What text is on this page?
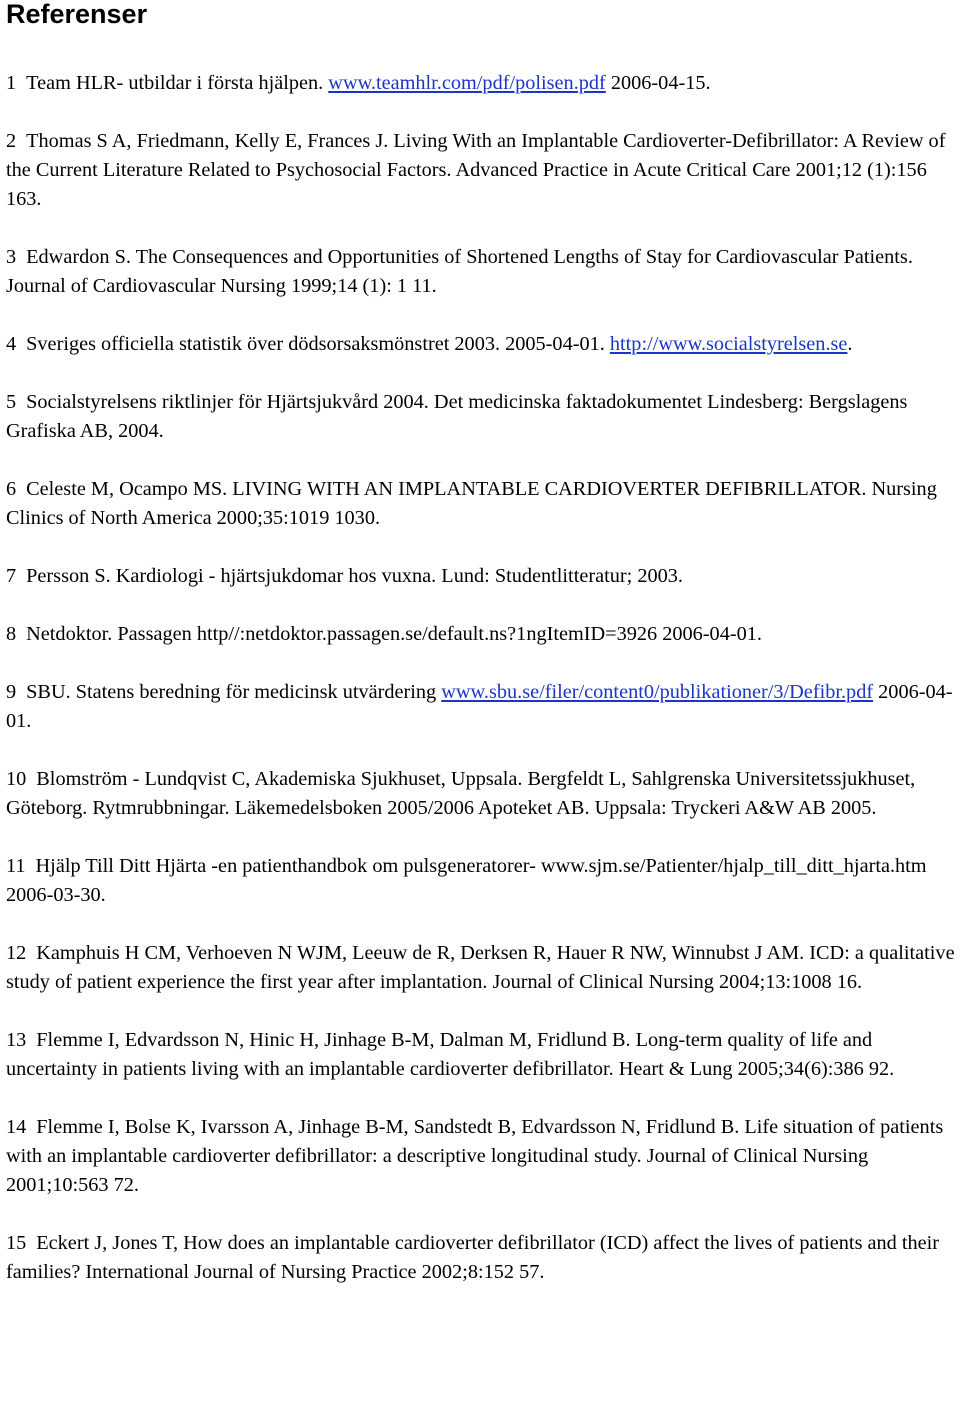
Referenser

1 Team HLR- utbildar i första hjälpen. www.teamhlr.com/pdf/polisen.pdf 2006-04-15.

2 Thomas S A, Friedmann, Kelly E, Frances J. Living With an Implantable Cardioverter-Defibrillator: A Review of the Current Literature Related to Psychosocial Factors. Advanced Practice in Acute Critical Care 2001;12 (1):156 163.

3 Edwardon S. The Consequences and Opportunities of Shortened Lengths of Stay for Cardiovascular Patients. Journal of Cardiovascular Nursing 1999;14 (1): 1 11.

4 Sveriges officiella statistik över dödsorsaksmönstret 2003. 2005-04-01. http://www.socialstyrelsen.se.

5 Socialstyrelsens riktlinjer för Hjärtsjukvård 2004. Det medicinska faktadokumentet Lindesberg: Bergslagens Grafiska AB, 2004.

6 Celeste M, Ocampo MS. LIVING WITH AN IMPLANTABLE CARDIOVERTER DEFIBRILLATOR. Nursing Clinics of North America 2000;35:1019 1030.

7 Persson S. Kardiologi - hjärtsjukdomar hos vuxna. Lund: Studentlitteratur; 2003.

8 Netdoktor. Passagen http//:netdoktor.passagen.se/default.ns?1ngItemID=3926 2006-04-01.

9 SBU. Statens beredning för medicinsk utvärdering www.sbu.se/filer/content0/publikationer/3/Defibr.pdf 2006-04-01.

10 Blomström - Lundqvist C, Akademiska Sjukhuset, Uppsala. Bergfeldt L, Sahlgrenska Universitetssjukhuset, Göteborg. Rytmrubbningar. Läkemedelsboken 2005/2006 Apoteket AB. Uppsala: Tryckeri A&W AB 2005.

11 Hjälp Till Ditt Hjärta -en patienthandbok om pulsgeneratorer- www.sjm.se/Patienter/hjalp_till_ditt_hjarta.htm 2006-03-30.

12 Kamphuis H CM, Verhoeven N WJM, Leeuw de R, Derksen R, Hauer R NW, Winnubst J AM. ICD: a qualitative study of patient experience the first year after implantation. Journal of Clinical Nursing 2004;13:1008 16.

13 Flemme I, Edvardsson N, Hinic H, Jinhage B-M, Dalman M, Fridlund B. Long-term quality of life and uncertainty in patients living with an implantable cardioverter defibrillator. Heart & Lung 2005;34(6):386 92.

14 Flemme I, Bolse K, Ivarsson A, Jinhage B-M, Sandstedt B, Edvardsson N, Fridlund B. Life situation of patients with an implantable cardioverter defibrillator: a descriptive longitudinal study. Journal of Clinical Nursing 2001;10:563 72.

15 Eckert J, Jones T, How does an implantable cardioverter defibrillator (ICD) affect the lives of patients and their families? International Journal of Nursing Practice 2002;8:152 57.
